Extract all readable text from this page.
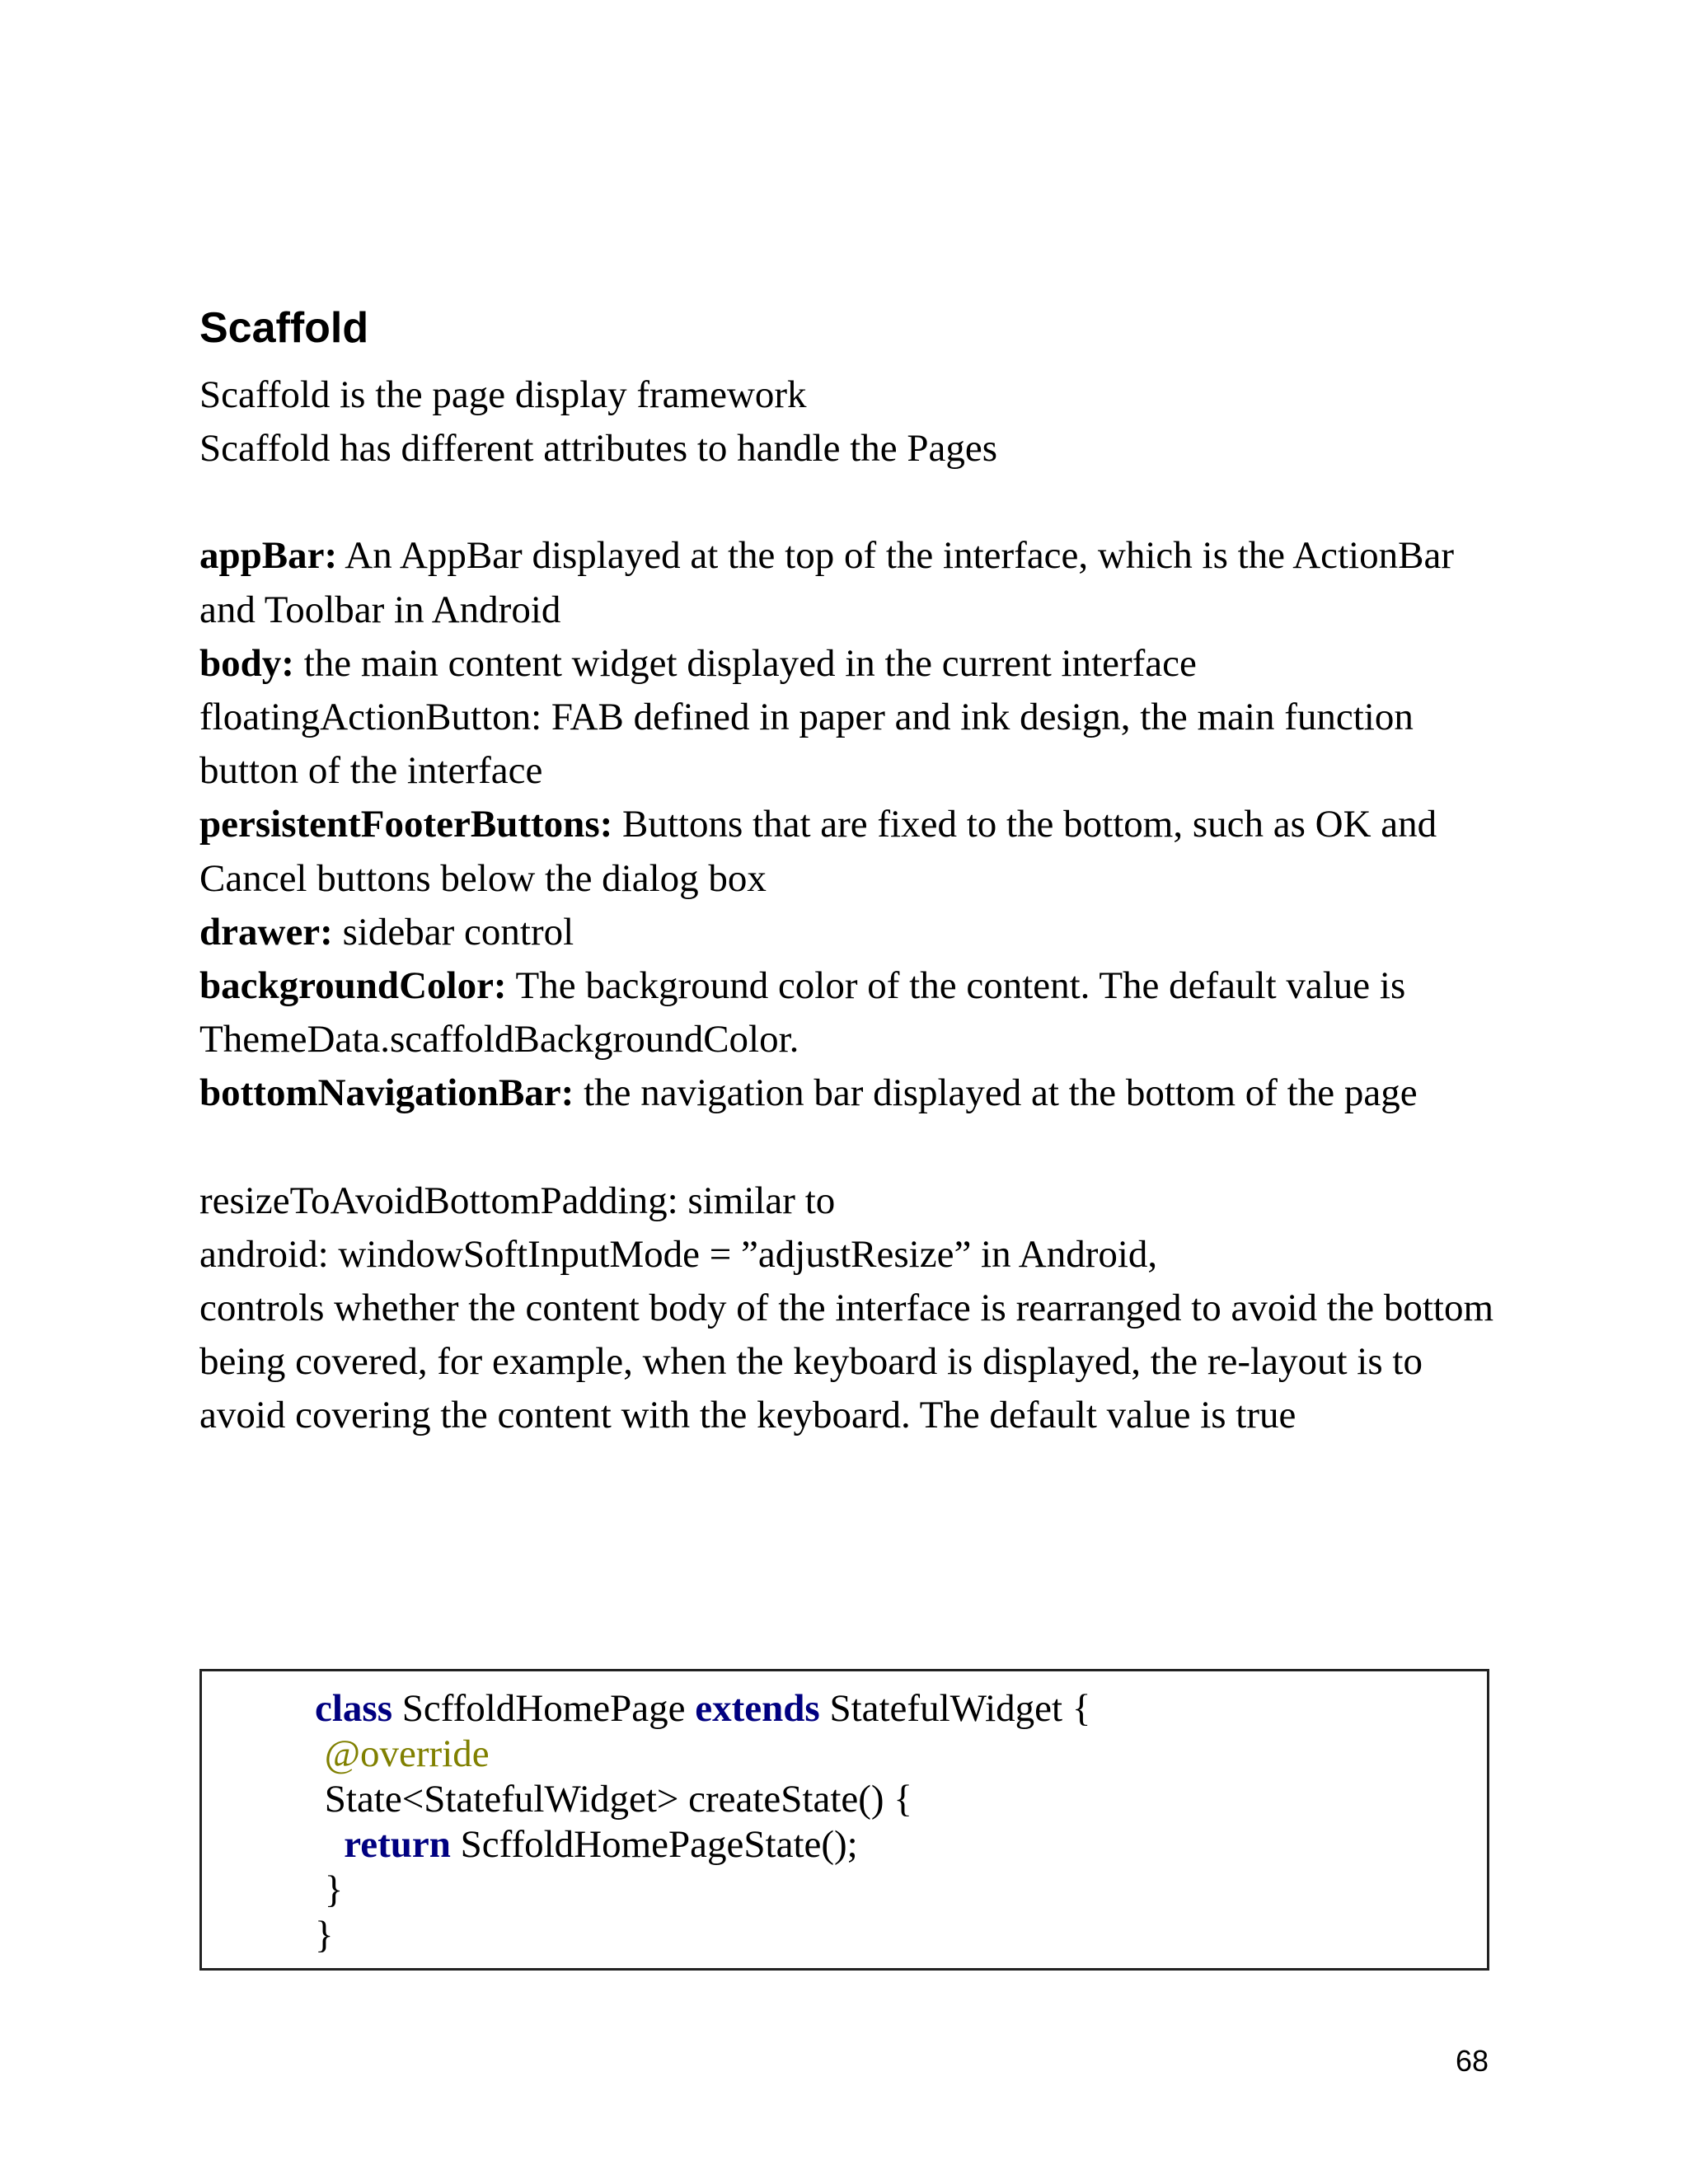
Scaffold

Scaffold is the page display framework

Scaffold has different attributes to handle the Pages

appBar: An AppBar displayed at the top of the interface, which is the ActionBar and Toolbar in Android

body: the main content widget displayed in the current interface

floatingActionButton: FAB defined in paper and ink design, the main function button of the interface

persistentFooterButtons: Buttons that are fixed to the bottom, such as OK and Cancel buttons below the dialog box

drawer: sidebar control

backgroundColor: The background color of the content. The default value is ThemeData.scaffoldBackgroundColor.

bottomNavigationBar: the navigation bar displayed at the bottom of the page

resizeToAvoidBottomPadding: similar to

android: windowSoftInputMode = ”adjustResize” in Android,

controls whether the content body of the interface is rearranged to avoid the bottom being covered, for example, when the keyboard is displayed, the re-layout is to avoid covering the content with the keyboard. The default value is true

class ScffoldHomePage extends StatefulWidget {
@override
State<StatefulWidget> createState() {
return ScffoldHomePageState();
}
}
68
